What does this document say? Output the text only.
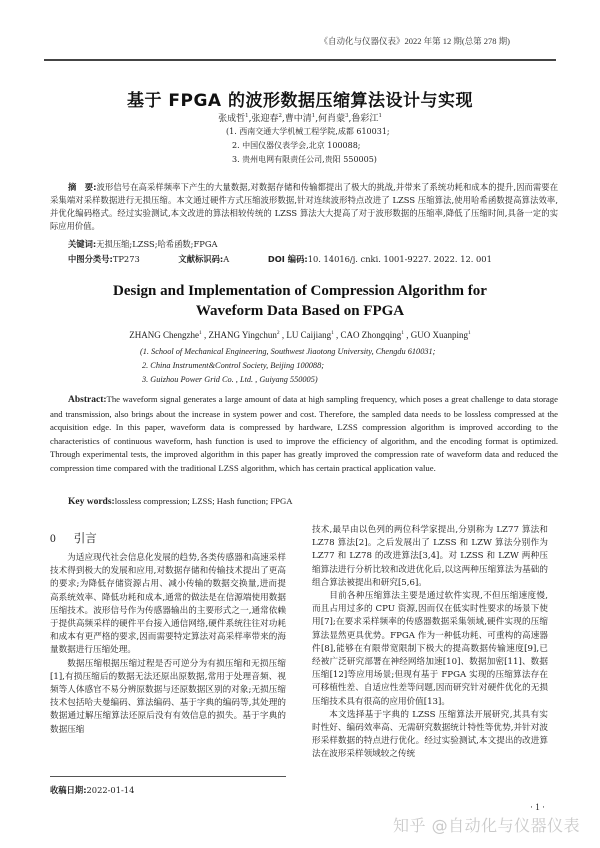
《自动化与仪器仪表》2022 年第 12 期(总第 278 期)
基于 FPGA 的波形数据压缩算法设计与实现
张成哲$^1$,张迎春$^2$,曹中清$^1$,何肖蒙$^3$,鲁彩江$^1$
(1. 西南交通大学机械工程学院,成都 610031;
2. 中国仪器仪表学会,北京 100088;
3. 贵州电网有限责任公司,贵阳 550005)
摘　要:波形信号在高采样频率下产生的大量数据,对数据存储和传输都提出了极大的挑战,并带来了系统功耗和成本的提升,因而需要在采集端对采样数据进行无损压缩。本文通过硬件方式压缩波形数据,针对连续波形特点改进了 LZSS 压缩算法,使用哈希函数提高算法效率,并优化编码格式。经过实验测试,本文改进的算法相较传统的 LZSS 算法大大提高了对于波形数据的压缩率,降低了压缩时间,具备一定的实际应用价值。
关键词:无损压缩;LZSS;哈希函数;FPGA
中图分类号:TP273	文献标识码:A	DOI 编码:10. 14016/j. cnki. 1001-9227. 2022. 12. 001
Design and Implementation of Compression Algorithm for
Waveform Data Based on FPGA
ZHANG Chengzhe$^1$ , ZHANG Yingchun$^2$ , LU Caijiang$^1$ , CAO Zhongqing$^1$ , GUO Xuanping$^1$
(1. School of Mechanical Engineering, Southwest Jiaotong University, Chengdu 610031;
2. China Instrument&Control Society, Beijing 100088;
3. Guizhou Power Grid Co. , Ltd. , Guiyang 550005)
Abstract:The waveform signal generates a large amount of data at high sampling frequency, which poses a great challenge to data storage and transmission, also brings about the increase in system power and cost. Therefore, the sampled data needs to be lossless compressed at the acquisition edge. In this paper, waveform data is compressed by hardware, LZSS compression algorithm is improved according to the characteristics of continuous waveform, hash function is used to improve the efficiency of algorithm, and the encoding format is optimized. Through experimental tests, the improved algorithm in this paper has greatly improved the compression rate of waveform data and reduced the compression time compared with the traditional LZSS algorithm, which has certain practical application value.
Key words:lossless compression; LZSS; Hash function; FPGA
0 引言

为适应现代社会信息化发展的趋势,各类传感器和高速采样技术得到极大的发展和应用,对数据存储和传输技术提出了更高的要求;为降低存储资源占用、减小传输的数据交换量,进而提高系统效率、降低功耗和成本,通常的做法是在信源端使用数据压缩技术。波形信号作为传感器输出的主要形式之一,通常依赖于提供高频采样的硬件平台接入通信网络,硬件系统往往对功耗和成本有更严格的要求,因而需要特定算法对高采样率带来的海量数据进行压缩处理。

数据压缩根据压缩过程是否可逆分为有损压缩和无损压缩[1],有损压缩后的数据无法还原出原数据,常用于处理音频、视频等人体感官不易分辨原数据与还原数据区别的对象;无损压缩技术包括哈夫曼编码、算法编码、基于字典的编码等,其处理的数据通过解压缩算法还原后没有有效信息的损失。基于字典的数据压缩

技术,最早由以色列的两位科学家提出,分别称为 LZ77 算法和 LZ78 算法[2]。之后发展出了 LZSS 和 LZW 算法分别作为 LZ77 和 LZ78 的改进算法[3,4]。对 LZSS 和 LZW 两种压缩算法进行分析比较和改进优化后,以这两种压缩算法为基础的组合算法被提出和研究[5,6]。

目前各种压缩算法主要是通过软件实现,不但压缩速度慢,而且占用过多的 CPU 资源,因而仅在低实时性要求的场景下使用[7];在要求采样频率的传感器数据采集领域,硬件实现的压缩算法显然更具优势。FPGA 作为一种低功耗、可重构的高速器件[8],能够在有限带宽限制下极大的提高数据传输速度[9],已经被广泛研究部署在神经网络加速[10]、数据加密[11]、数据压缩[12]等应用场景;但现有基于 FPGA 实现的压缩算法存在可移植性差、自适应性差等问题,因而研究针对硬件优化的无损压缩技术具有很高的应用价值[13]。

本文选择基于字典的 LZSS 压缩算法开展研究,其具有实时性好、编码效率高、无需研究数据统计特性等优势,并针对波形采样数据的特点进行优化。经过实验测试,本文提出的改进算法在波形采样领域较之传统

收稿日期:2022-01-14
· 1 ·
知乎 @自动化与仪器仪表
